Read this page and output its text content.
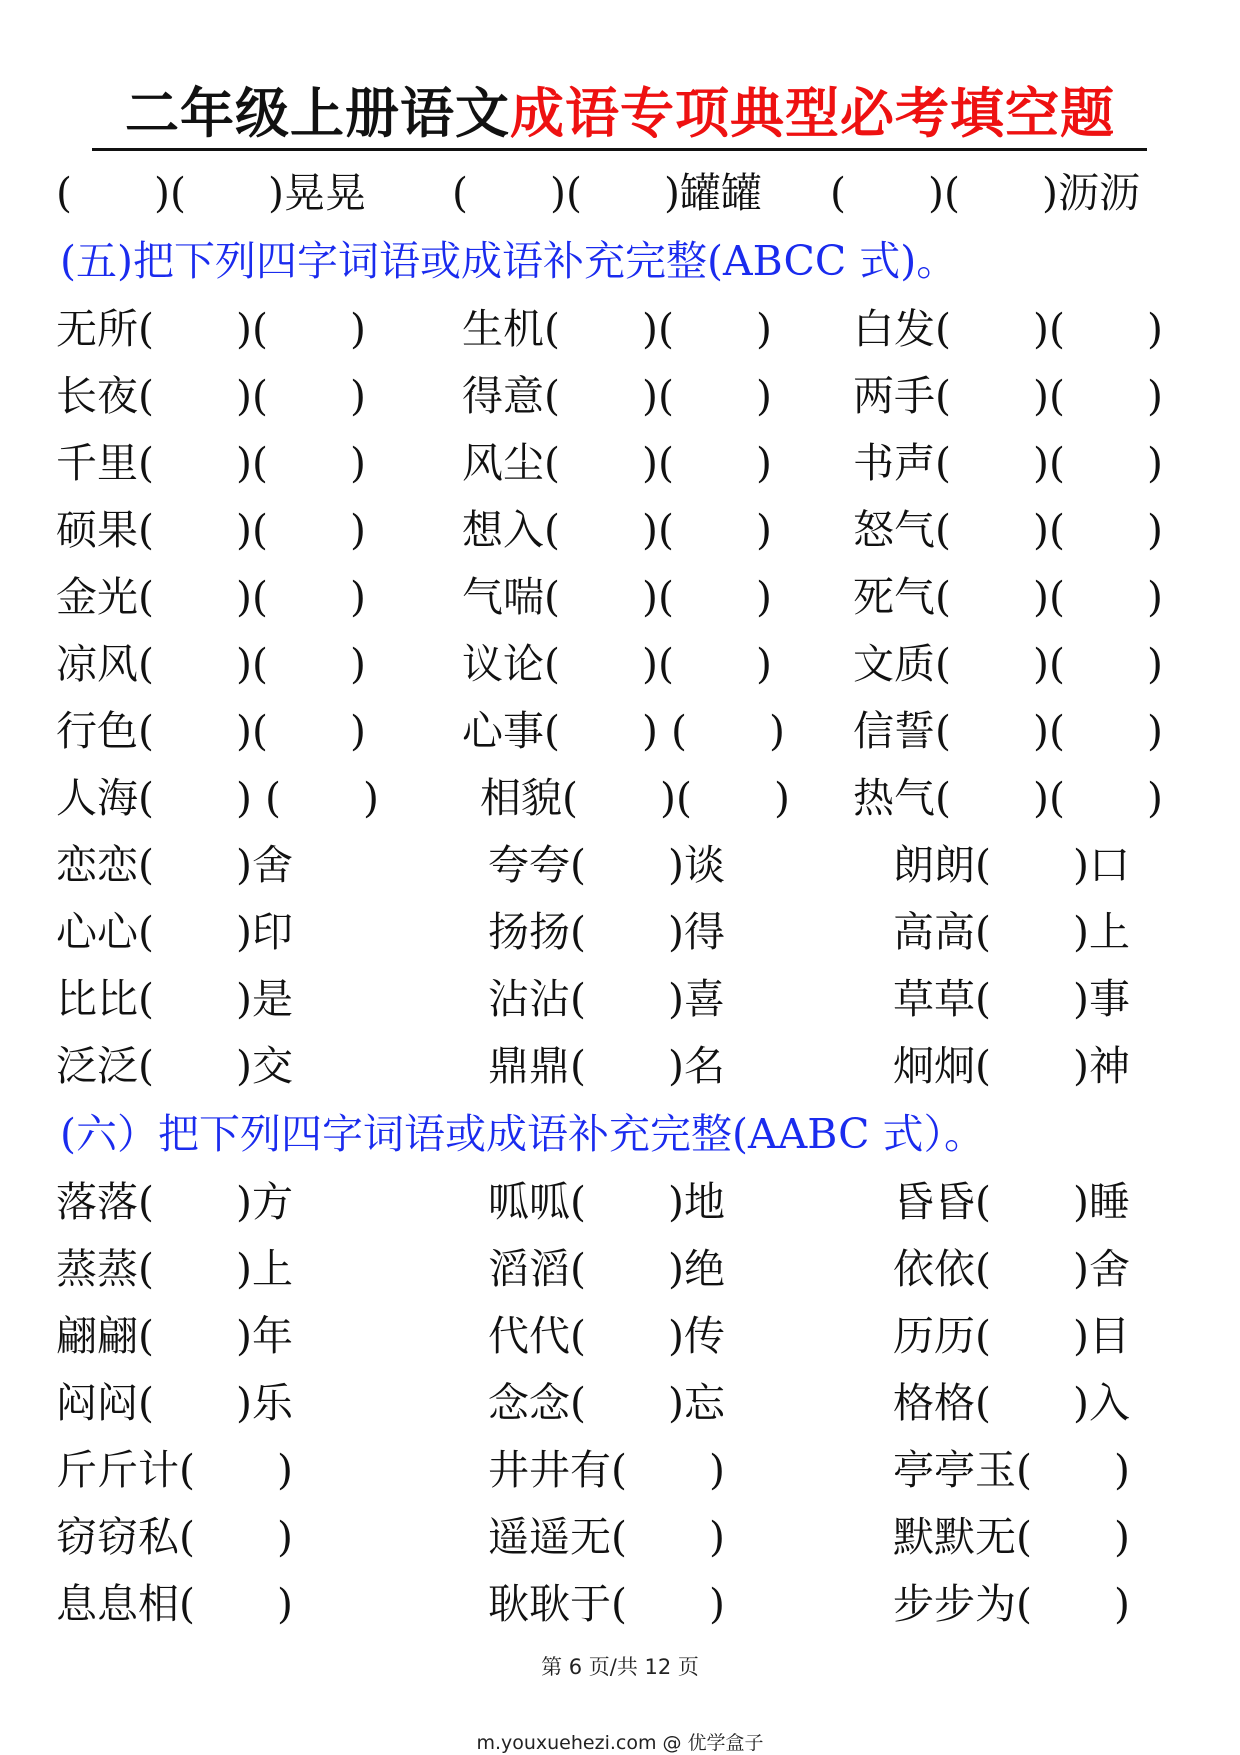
二年级上册语文成语专项典型必考填空题
(　　)(　　)晃晃 (　　)(　　)罐罐 (　　)(　　)沥沥
(五)把下列四字词语或成语补充完整(ABCC 式)。
无所(　　)(　　) 生机(　　)(　　) 白发(　　)(　　)
长夜(　　)(　　) 得意(　　)(　　) 两手(　　)(　　)
千里(　　)(　　) 风尘(　　)(　　) 书声(　　)(　　)
硕果(　　)(　　) 想入(　　)(　　) 怒气(　　)(　　)
金光(　　)(　　) 气喘(　　)(　　) 死气(　　)(　　)
凉风(　　)(　　) 议论(　　)(　　) 文质(　　)(　　)
行色(　　)(　　) 心事(　　) (　　) 信誓(　　)(　　)
人海(　　) (　　) 相貌(　　)(　　) 热气(　　)(　　)
恋恋(　　)舍	夸夸(　　)谈	朗朗(　　)口
心心(　　)印	扬扬(　　)得	高高(　　)上
比比(　　)是	沾沾(　　)喜	草草(　　)事
泛泛(　　)交	鼎鼎(　　)名	炯炯(　　)神
(六）把下列四字词语或成语补充完整(AABC 式）。
落落(　　)方	呱呱(　　)地	昏昏(　　)睡
蒸蒸(　　)上	滔滔(　　)绝	依依(　　)舍
翩翩(　　)年	代代(　　)传	历历(　　)目
闷闷(　　)乐	念念(　　)忘	格格(　　)入
斤斤计(　　)	井井有(　　)	亭亭玉(　　)
窃窃私(　　)	遥遥无(　　)	默默无(　　)
息息相(　　)	耿耿于(　　)	步步为(　　)
第 6 页/共 12 页
m.youxuehezi.com @ 优学盒子
